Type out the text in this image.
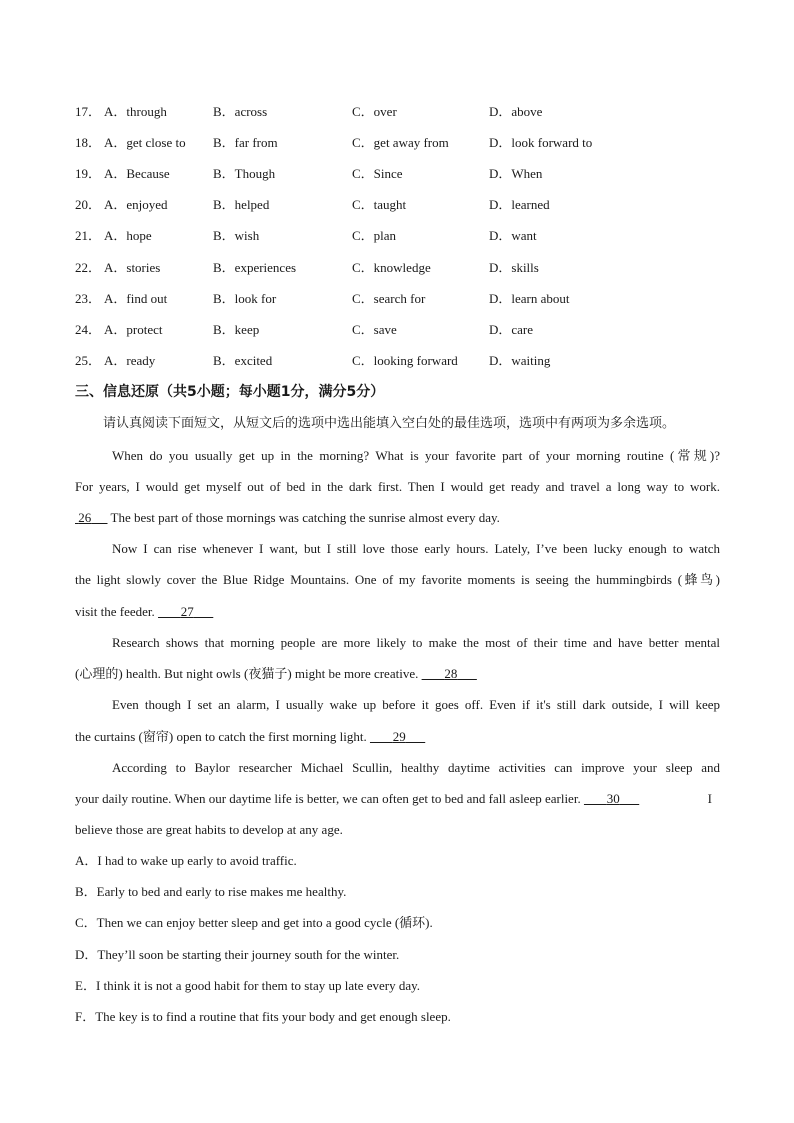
17． A．through	B．across	C．over	D．above
18． A．get close to B．far from	C．get away from	D．look forward to
19． A．Because	B．Though	C．Since	D．When
20． A．enjoyed	B．helped	C．taught	D．learned
21． A．hope	B．wish	C．plan	D．want
22． A．stories	B．experiences	C．knowledge	D．skills
23． A．find out	B．look for	C．search for	D．learn about
24． A．protect	B．keep	C．save	D．care
25． A．ready	B．excited	C．looking forward D．waiting
三、信息还原（共5小题；每小题1分，满分5分）
请认真阅读下面短文，从短文后的选项中选出能填入空白处的最佳选项，选项中有两项为多余选项。
When do you usually get up in the morning? What is your favorite part of your morning routine (常规)?
For years, I would get myself out of bed in the dark first. Then I would get ready and travel a long way to work.
26 The best part of those mornings was catching the sunrise almost every day.
Now I can rise whenever I want, but I still love those early hours. Lately, I’ve been lucky enough to watch
the light slowly cover the Blue Ridge Mountains. One of my favorite moments is seeing the hummingbirds (蜂鸟)
visit the feeder. 27
Research shows that morning people are more likely to make the most of their time and have better mental
(心理的) health. But night owls (夜猫子) might be more creative. 28
Even though I set an alarm, I usually wake up before it goes off. Even if it's still dark outside, I will keep
the curtains (窗帘) open to catch the first morning light. 29
According to Baylor researcher Michael Scullin, healthy daytime activities can improve your sleep and
your daily routine. When our daytime life is better, we can often get to bed and fall asleep earlier. 30	I
believe those are great habits to develop at any age.
A．I had to wake up early to avoid traffic.
B．Early to bed and early to rise makes me healthy.
C．Then we can enjoy better sleep and get into a good cycle (循环).
D．They’ll soon be starting their journey south for the winter.
E．I think it is not a good habit for them to stay up late every day.
F．The key is to find a routine that fits your body and get enough sleep.
